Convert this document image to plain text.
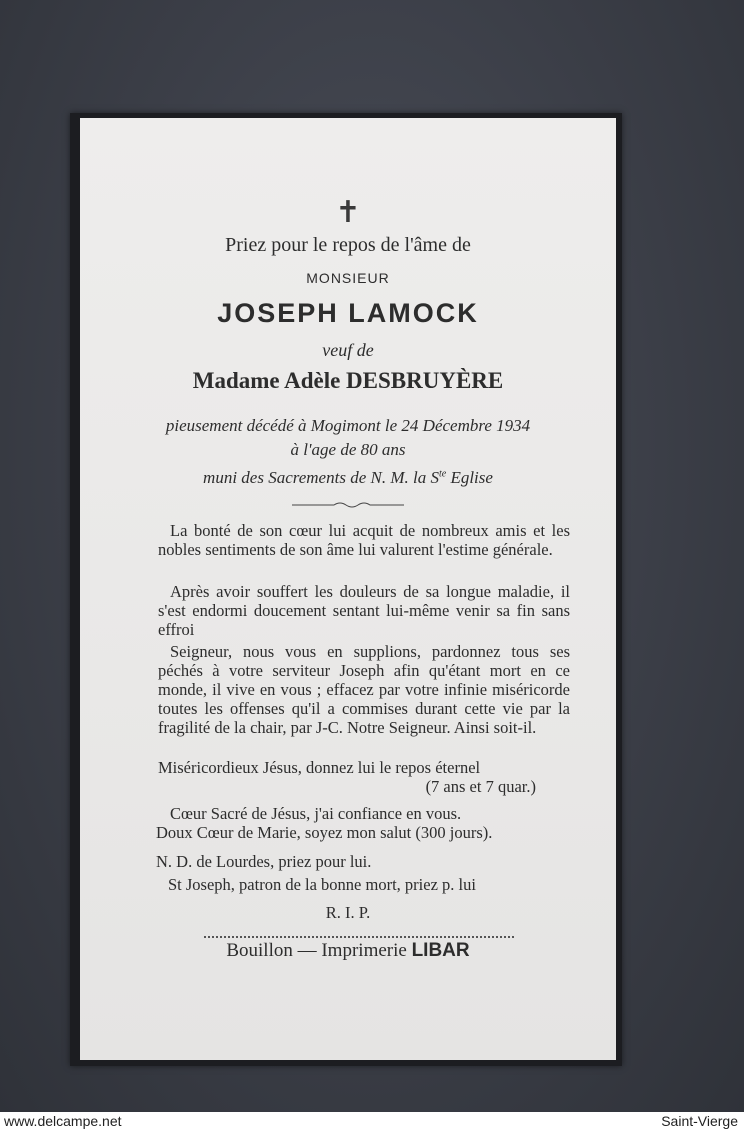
✝
Priez pour le repos de l'âme de
MONSIEUR
JOSEPH LAMOCK
veuf de
Madame Adèle DESBRUYÈRE
pieusement décédé à Mogimont le 24 Décembre 1934
à l'age de 80 ans
muni des Sacrements de N. M. la $S^{te}$ Eglise
La bonté de son cœur lui acquit de nombreux amis et les nobles sentiments de son âme lui valurent l'estime générale.
Après avoir souffert les douleurs de sa longue maladie, il s'est endormi doucement sentant lui-même venir sa fin sans effroi
Seigneur, nous vous en supplions, pardonnez tous ses péchés à votre serviteur Joseph afin qu'étant mort en ce monde, il vive en vous ; effacez par votre infinie miséricorde toutes les offenses qu'il a commises durant cette vie par la fragilité de la chair, par J-C. Notre Seigneur. Ainsi soit-il.
Miséricordieux Jésus, donnez lui le repos éternel
(7 ans et 7 quar.)
Cœur Sacré de Jésus, j'ai confiance en vous.
Doux Cœur de Marie, soyez mon salut (300 jours).
N. D. de Lourdes, priez pour lui.
St Joseph, patron de la bonne mort, priez p. lui
R. I. P.
Bouillon — Imprimerie LIBAR
www.delcampe.net	Saint-Vierge
